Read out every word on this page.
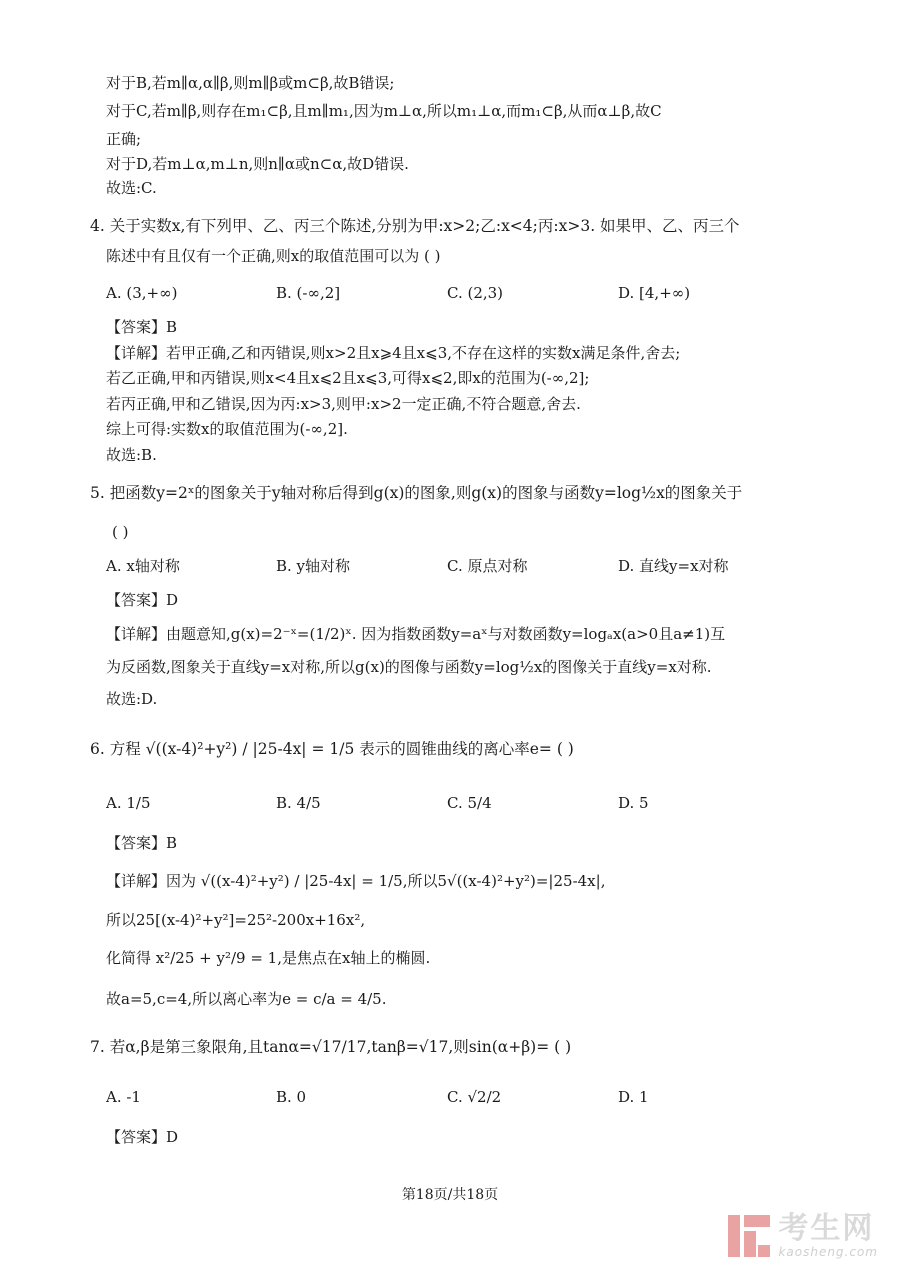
对于B,若m∥α,α∥β,则m∥β或m⊂β,故B错误;
对于C,若m∥β,则存在m₁⊂β,且m∥m₁,因为m⊥α,所以m₁⊥α,而m₁⊂β,从而α⊥β,故C
正确;
对于D,若m⊥α,m⊥n,则n∥α或n⊂α,故D错误.
故选:C.
4. 关于实数x,有下列甲、乙、丙三个陈述,分别为甲:x>2;乙:x<4;丙:x>3. 如果甲、乙、丙三个
陈述中有且仅有一个正确,则x的取值范围可以为 ( )
A. (3,+∞)	B. (-∞,2]	C. (2,3)	D. [4,+∞)
【答案】B
【详解】若甲正确,乙和丙错误,则x>2且x⩾4且x⩽3,不存在这样的实数x满足条件,舍去;
若乙正确,甲和丙错误,则x<4且x⩽2且x⩽3,可得x⩽2,即x的范围为(-∞,2];
若丙正确,甲和乙错误,因为丙:x>3,则甲:x>2一定正确,不符合题意,舍去.
综上可得:实数x的取值范围为(-∞,2].
故选:B.
5. 把函数y=2ˣ的图象关于y轴对称后得到g(x)的图象,则g(x)的图象与函数y=log½x的图象关于
( )
A. x轴对称	B. y轴对称	C. 原点对称	D. 直线y=x对称
【答案】D
【详解】由题意知,g(x)=2⁻ˣ=(1/2)ˣ. 因为指数函数y=aˣ与对数函数y=logₐx(a>0且a≠1)互
为反函数,图象关于直线y=x对称,所以g(x)的图像与函数y=log½x的图像关于直线y=x对称.
故选:D.
6. 方程 √((x-4)²+y²) / |25-4x| = 1/5 表示的圆锥曲线的离心率e= ( )
A. 1/5	B. 4/5	C. 5/4	D. 5
【答案】B
【详解】因为 √((x-4)²+y²) / |25-4x| = 1/5,所以5√((x-4)²+y²)=|25-4x|,
所以25[(x-4)²+y²]=25²-200x+16x²,
化简得 x²/25 + y²/9 = 1,是焦点在x轴上的椭圆.
故a=5,c=4,所以离心率为e = c/a = 4/5.
7. 若α,β是第三象限角,且tanα=√17/17,tanβ=√17,则sin(α+β)= ( )
A. -1	B. 0	C. √2/2	D. 1
【答案】D
第18页/共18页
考生网
kaosheng.com
